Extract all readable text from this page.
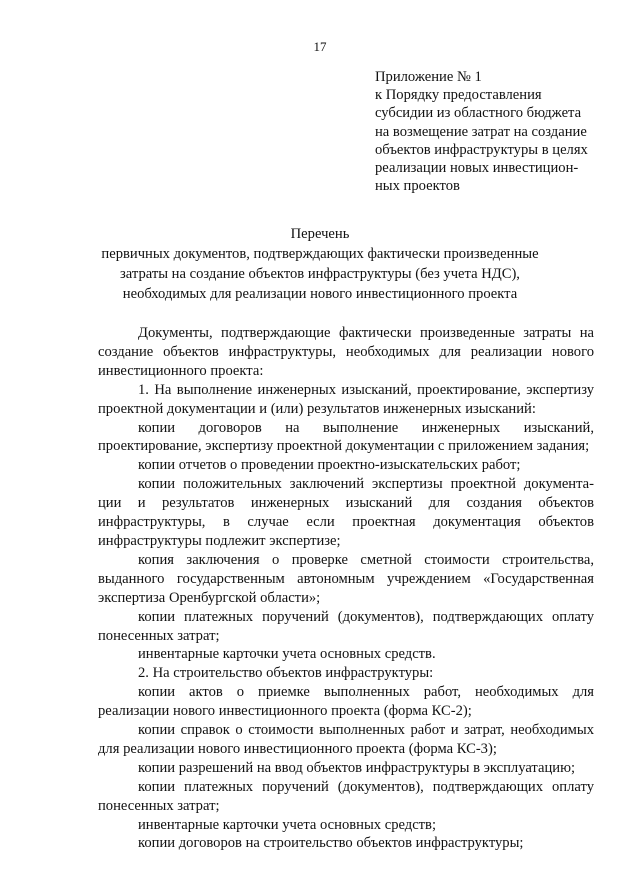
17
Приложение № 1
к Порядку предоставления
субсидии из областного бюджета
на возмещение затрат на создание
объектов инфраструктуры в целях
реализации новых инвестицион-
ных проектов
Перечень
первичных документов, подтверждающих фактически произведенные
затраты на создание объектов инфраструктуры (без учета НДС),
необходимых для реализации нового инвестиционного проекта
Документы, подтверждающие фактически произведенные затраты на
создание объектов инфраструктуры, необходимых для реализации нового
инвестиционного проекта:
1. На выполнение инженерных изысканий, проектирование, экспертизу
проектной документации и (или) результатов инженерных изысканий:
копии договоров на выполнение инженерных изысканий,
проектирование, экспертизу проектной документации с приложением задания;
копии отчетов о проведении проектно-изыскательских работ;
копии положительных заключений экспертизы проектной документа-
ции и результатов инженерных изысканий для создания объектов
инфраструктуры, в случае если проектная документация объектов
инфраструктуры подлежит экспертизе;
копия заключения о проверке сметной стоимости строительства,
выданного государственным автономным учреждением «Государственная
экспертиза Оренбургской области»;
копии платежных поручений (документов), подтверждающих оплату
понесенных затрат;
инвентарные карточки учета основных средств.
2. На строительство объектов инфраструктуры:
копии актов о приемке выполненных работ, необходимых для
реализации нового инвестиционного проекта (форма КС-2);
копии справок о стоимости выполненных работ и затрат, необходимых
для реализации нового инвестиционного проекта (форма КС-3);
копии разрешений на ввод объектов инфраструктуры в эксплуатацию;
копии платежных поручений (документов), подтверждающих оплату
понесенных затрат;
инвентарные карточки учета основных средств;
копии договоров на строительство объектов инфраструктуры;
